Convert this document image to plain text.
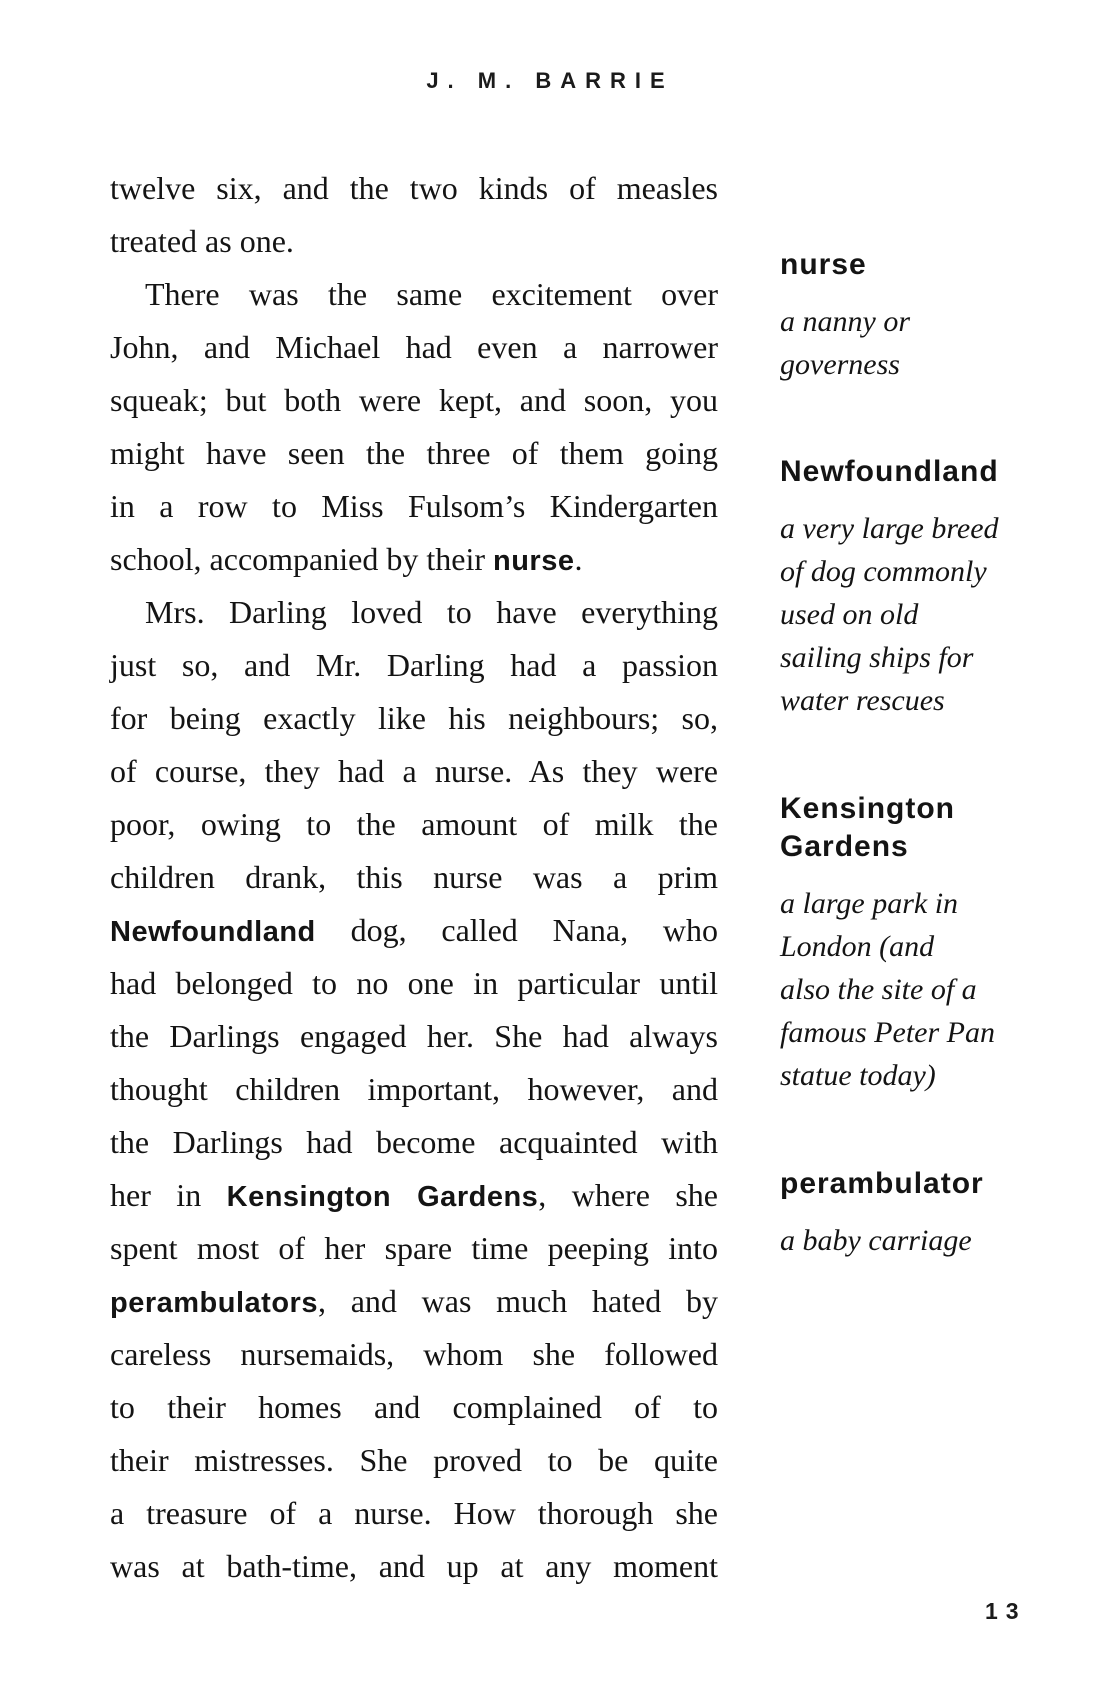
J. M. BARRIE
twelve six, and the two kinds of measles
treated as one.
There was the same excitement over
John, and Michael had even a narrower
squeak; but both were kept, and soon, you
might have seen the three of them going
in a row to Miss Fulsom’s Kindergarten
school, accompanied by their nurse.
Mrs. Darling loved to have everything
just so, and Mr. Darling had a passion
for being exactly like his neighbours; so,
of course, they had a nurse. As they were
poor, owing to the amount of milk the
children drank, this nurse was a prim
Newfoundland dog, called Nana, who
had belonged to no one in particular until
the Darlings engaged her. She had always
thought children important, however, and
the Darlings had become acquainted with
her in Kensington Gardens, where she
spent most of her spare time peeping into
perambulators, and was much hated by
careless nursemaids, whom she followed
to their homes and complained of to
their mistresses. She proved to be quite
a treasure of a nurse. How thorough she
was at bath-time, and up at any moment
nurse
a nanny or
governess
Newfoundland
a very large breed
of dog commonly
used on old
sailing ships for
water rescues
Kensington
Gardens
a large park in
London (and
also the site of a
famous Peter Pan
statue today)
perambulator
a baby carriage
13
